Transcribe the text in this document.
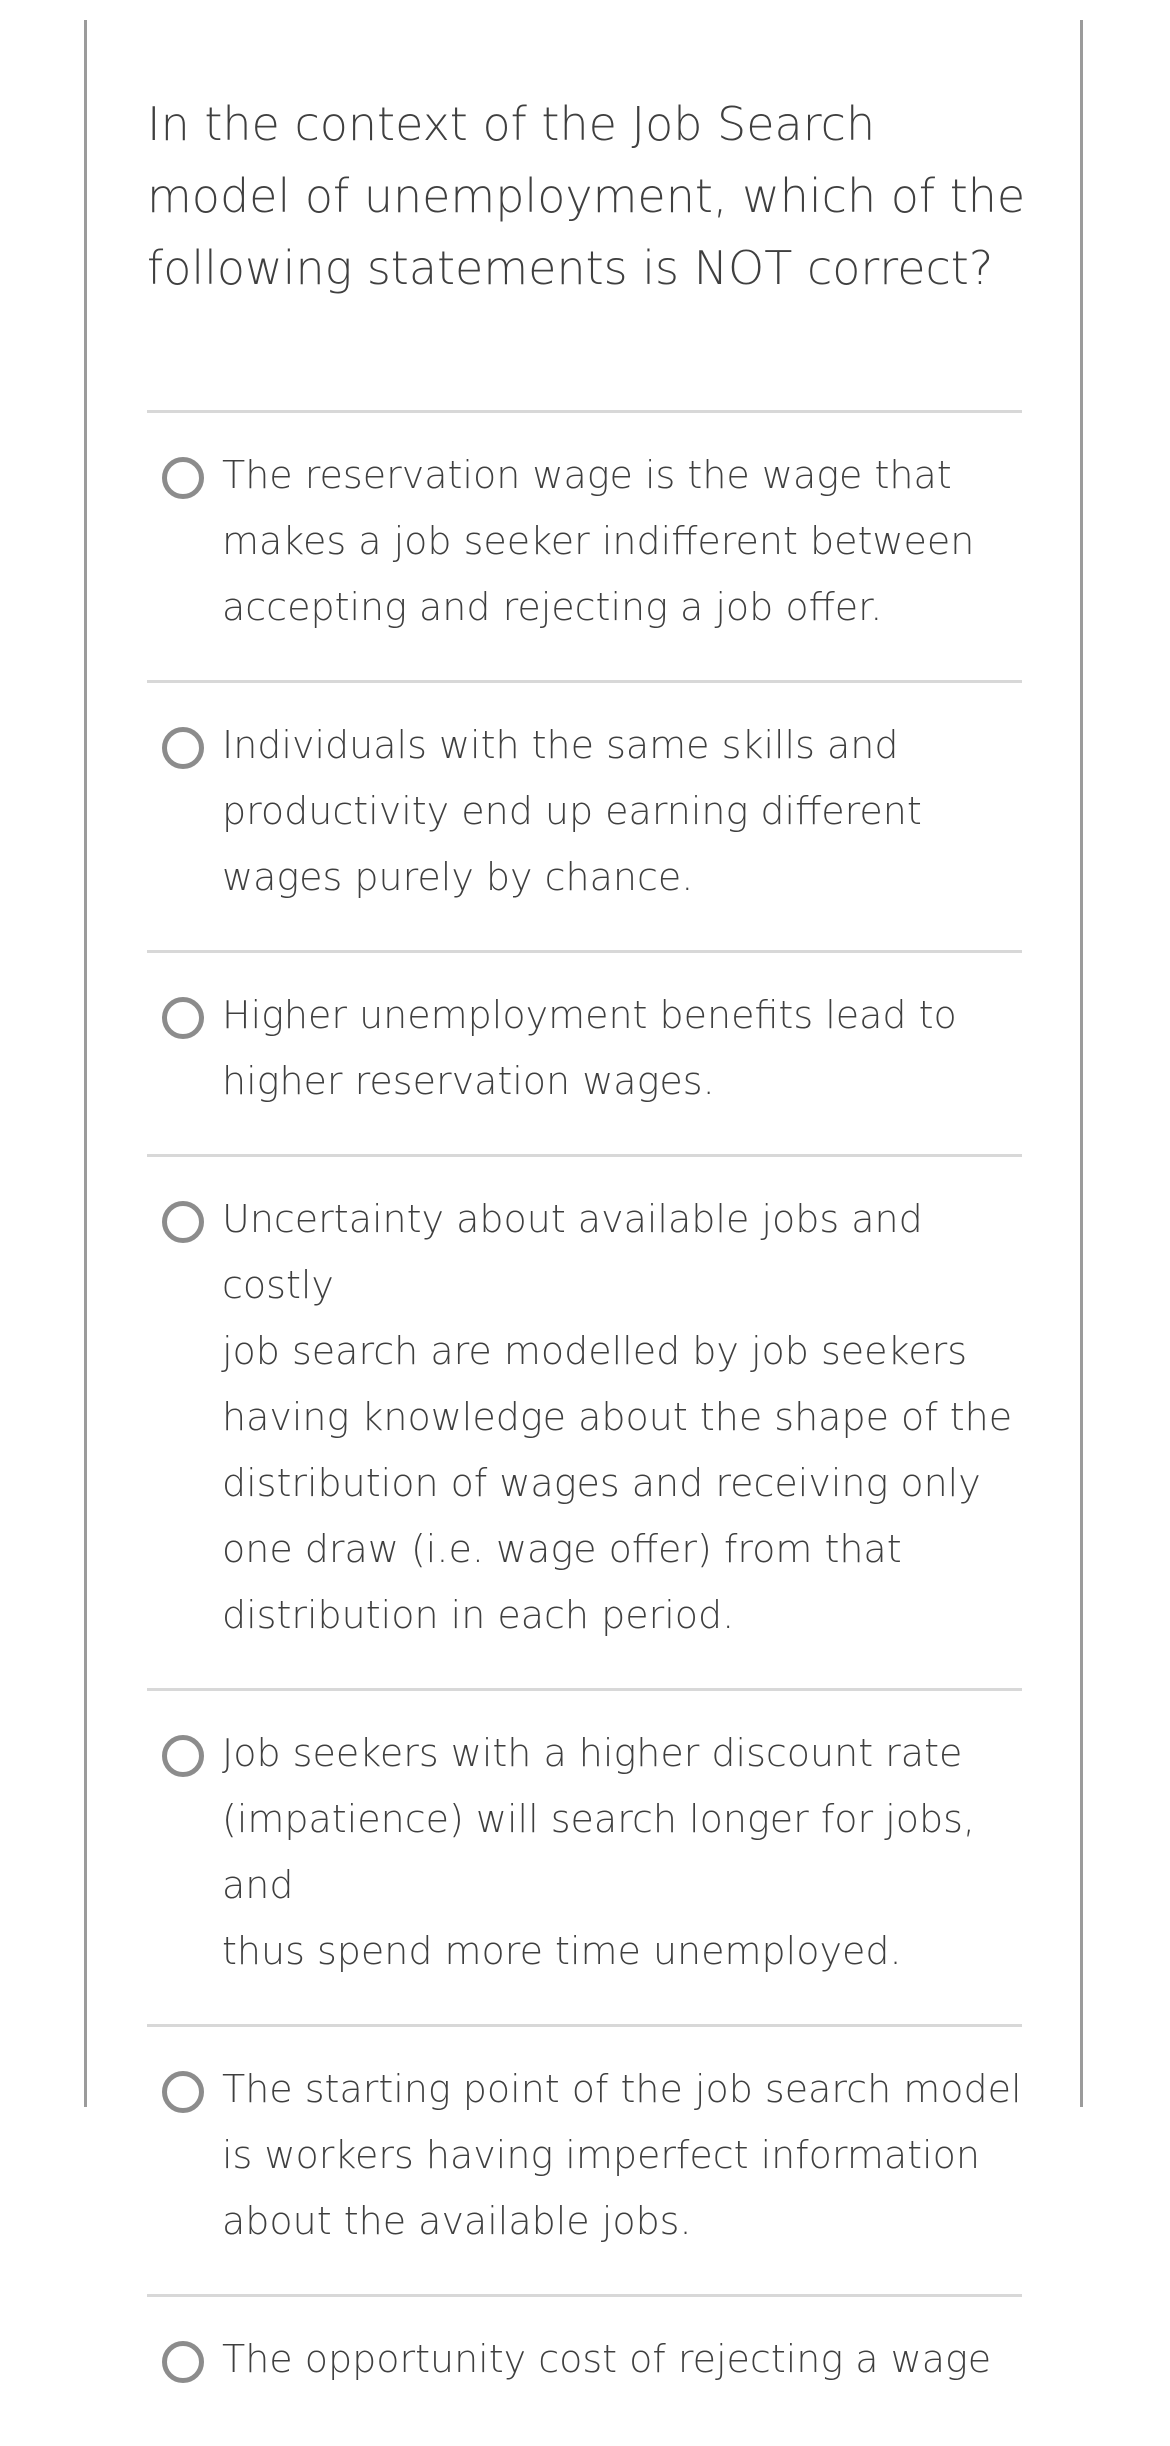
In the context of the Job Search model of unemployment, which of the following statements is NOT correct?

The reservation wage is the wage that
makes a job seeker indifferent between
accepting and rejecting a job offer.
Individuals with the same skills and
productivity end up earning different
wages purely by chance.
Higher unemployment benefits lead to
higher reservation wages.
Uncertainty about available jobs and costly
job search are modelled by job seekers
having knowledge about the shape of the
distribution of wages and receiving only
one draw (i.e. wage offer) from that
distribution in each period.
Job seekers with a higher discount rate
(impatience) will search longer for jobs, and
thus spend more time unemployed.
The starting point of the job search model
is workers having imperfect information
about the available jobs.
The opportunity cost of rejecting a wage
